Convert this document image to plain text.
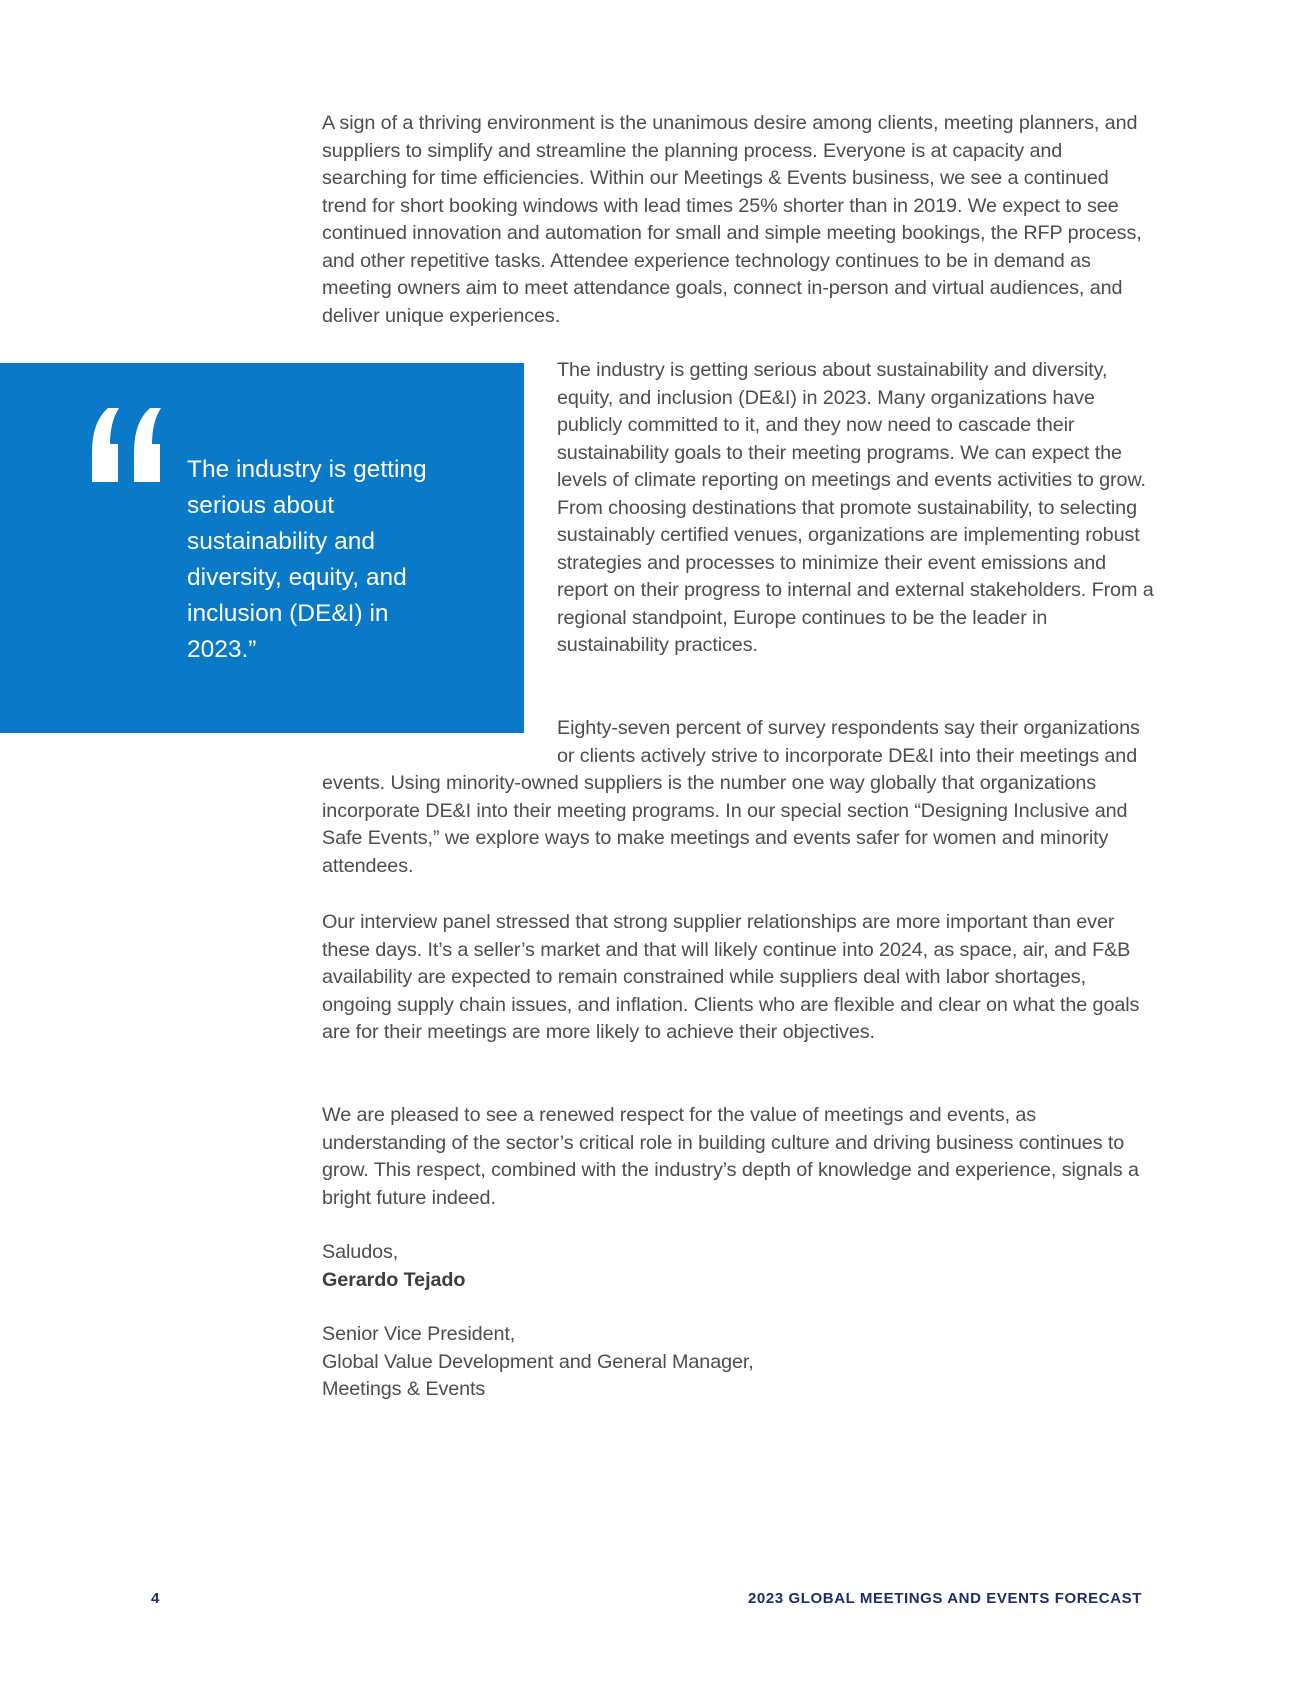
A sign of a thriving environment is the unanimous desire among clients, meeting planners, and suppliers to simplify and streamline the planning process. Everyone is at capacity and searching for time efficiencies. Within our Meetings & Events business, we see a continued trend for short booking windows with lead times 25% shorter than in 2019. We expect to see continued innovation and automation for small and simple meeting bookings, the RFP process, and other repetitive tasks. Attendee experience technology continues to be in demand as meeting owners aim to meet attendance goals, connect in-person and virtual audiences, and deliver unique experiences.

The industry is getting serious about sustainability and diversity, equity, and inclusion (DE&I) in 2023.”

The industry is getting serious about sustainability and diversity, equity, and inclusion (DE&I) in 2023. Many organizations have publicly committed to it, and they now need to cascade their sustainability goals to their meeting programs. We can expect the levels of climate reporting on meetings and events activities to grow. From choosing destinations that promote sustainability, to selecting sustainably certified venues, organizations are implementing robust strategies and processes to minimize their event emissions and report on their progress to internal and external stakeholders. From a regional standpoint, Europe continues to be the leader in sustainability practices.

Eighty-seven percent of survey respondents say their organizations or clients actively strive to incorporate DE&I into their meetings and events. Using minority-owned suppliers is the number one way globally that organizations incorporate DE&I into their meeting programs. In our special section “Designing Inclusive and Safe Events,” we explore ways to make meetings and events safer for women and minority attendees.

Our interview panel stressed that strong supplier relationships are more important than ever these days. It’s a seller’s market and that will likely continue into 2024, as space, air, and F&B availability are expected to remain constrained while suppliers deal with labor shortages, ongoing supply chain issues, and inflation. Clients who are flexible and clear on what the goals are for their meetings are more likely to achieve their objectives.

We are pleased to see a renewed respect for the value of meetings and events, as understanding of the sector’s critical role in building culture and driving business continues to grow. This respect, combined with the industry’s depth of knowledge and experience, signals a bright future indeed.

Saludos,
Gerardo Tejado
Senior Vice President,
Global Value Development and General Manager,
Meetings & Events
4	2023 GLOBAL MEETINGS AND EVENTS FORECAST
